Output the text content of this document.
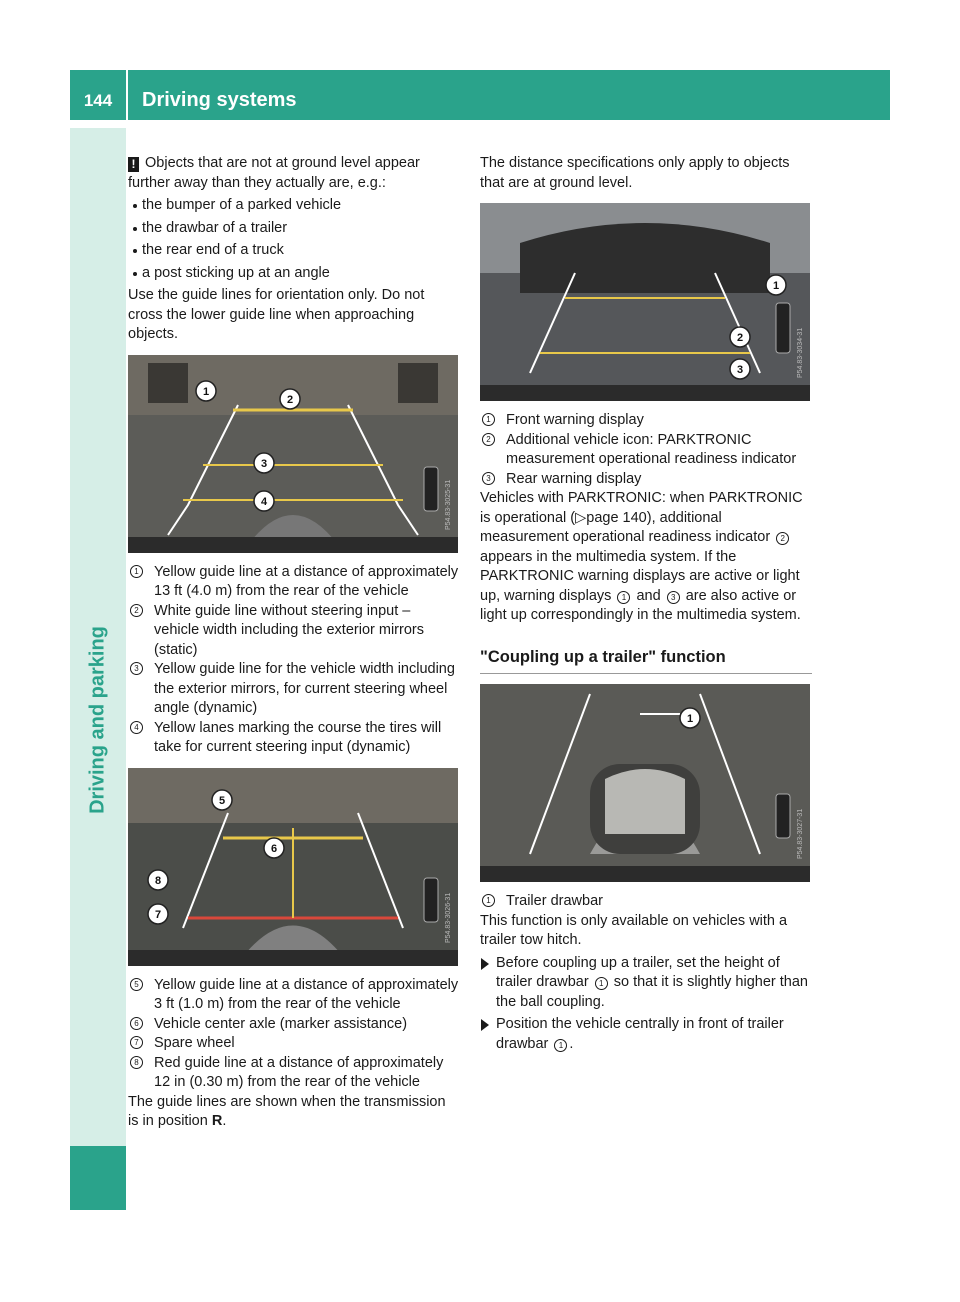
144	Driving systems
Driving and parking

! Objects that are not at ground level appear further away than they actually are, e.g.:

the bumper of a parked vehicle
the drawbar of a trailer
the rear end of a truck
a post sticking up at an angle

Use the guide lines for orientation only. Do not cross the lower guide line when approaching objects.

1
2
3
4	P54.83-3025-31
1 Yellow guide line at a distance of approximately 13 ft (4.0 m) from the rear of the vehicle
2 White guide line without steering input – vehicle width including the exterior mirrors (static)
3 Yellow guide line for the vehicle width including the exterior mirrors, for current steering wheel angle (dynamic)
4 Yellow lanes marking the course the tires will take for current steering input (dynamic)
5
6
7
8
P54.83-3026-31
5 Yellow guide line at a distance of approximately 3 ft (1.0 m) from the rear of the vehicle
6 Vehicle center axle (marker assistance)
7 Spare wheel
8 Red guide line at a distance of approximately 12 in (0.30 m) from the rear of the vehicle

The guide lines are shown when the transmission is in position R.

The distance specifications only apply to objects that are at ground level.

1
2
3	P54.83-3034-31
1 Front warning display
2 Additional vehicle icon: PARKTRONIC measurement operational readiness indicator
3 Rear warning display

Vehicles with PARKTRONIC: when PARKTRONIC is operational (▷page 140), additional measurement operational readiness indicator 2 appears in the multimedia system. If the PARKTRONIC warning displays are active or light up, warning displays 1 and 3 are also active or light up correspondingly in the multimedia system.

"Coupling up a trailer" function
1
P54.83-3027-31
1 Trailer drawbar

This function is only available on vehicles with a trailer tow hitch.

Before coupling up a trailer, set the height of trailer drawbar 1 so that it is slightly higher than the ball coupling.
Position the vehicle centrally in front of trailer drawbar 1 .
